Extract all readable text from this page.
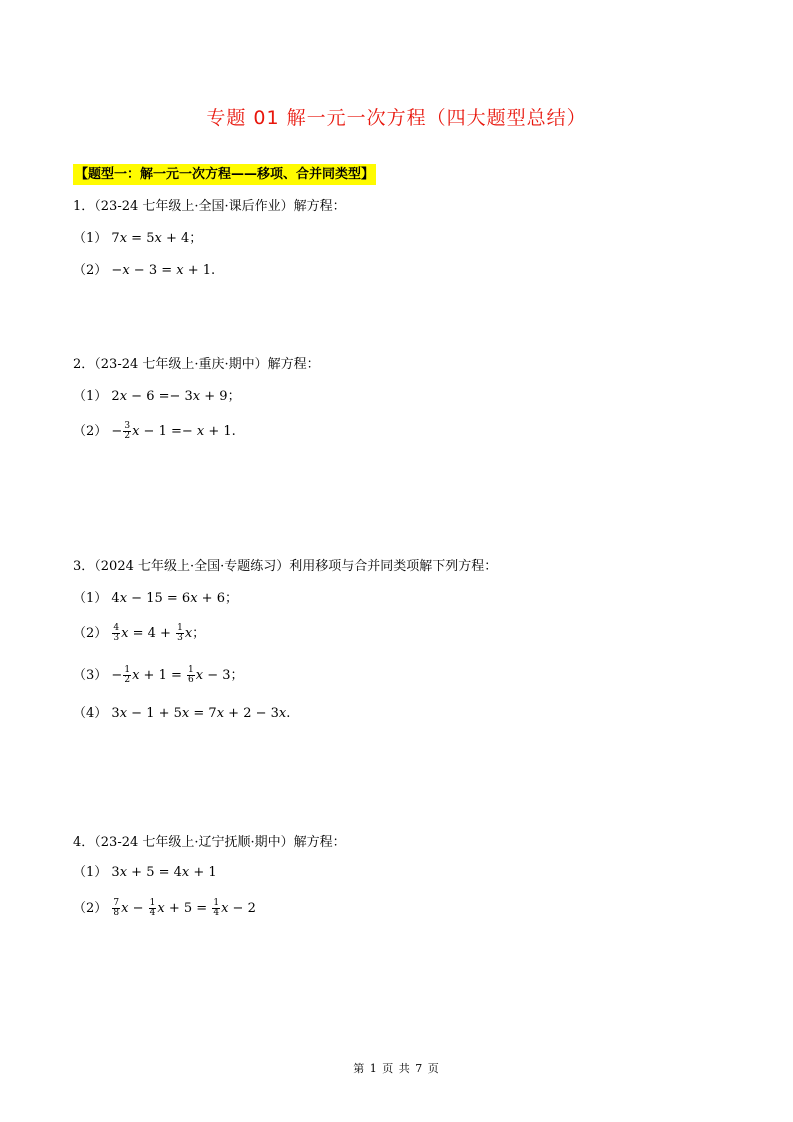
专题 01 解一元一次方程（四大题型总结）
【题型一：解一元一次方程——移项、合并同类型】
1．（23-24 七年级上·全国·课后作业）解方程：
（1） 7x = 5x + 4；
（2） −x − 3 = x + 1.
2．（23-24 七年级上·重庆·期中）解方程：
（1） 2x − 6 =− 3x + 9；
$(2) - \frac{3}{2}$ x − 1 =− x + 1.
3．（2024 七年级上·全国·专题练习）利用移项与合并同类项解下列方程：
（1） 4x − 15 = 6x + 6；
$(2) \frac{4}{3}$ $x = 4 + \frac{1}{3}$ x；
$(3) - \frac{1}{2}$ $x + 1 = \frac{1}{6}$ x − 3；
（4） 3x − 1 + 5x = 7x + 2 − 3x.
4．（23-24 七年级上·辽宁抚顺·期中）解方程：
（1） 3x + 5 = 4x + 1
$(2) \frac{7}{8}$ $x - \frac{1}{4}$ $x + 5 = \frac{1}{4}$ x − 2
第 1 页 共 7 页
